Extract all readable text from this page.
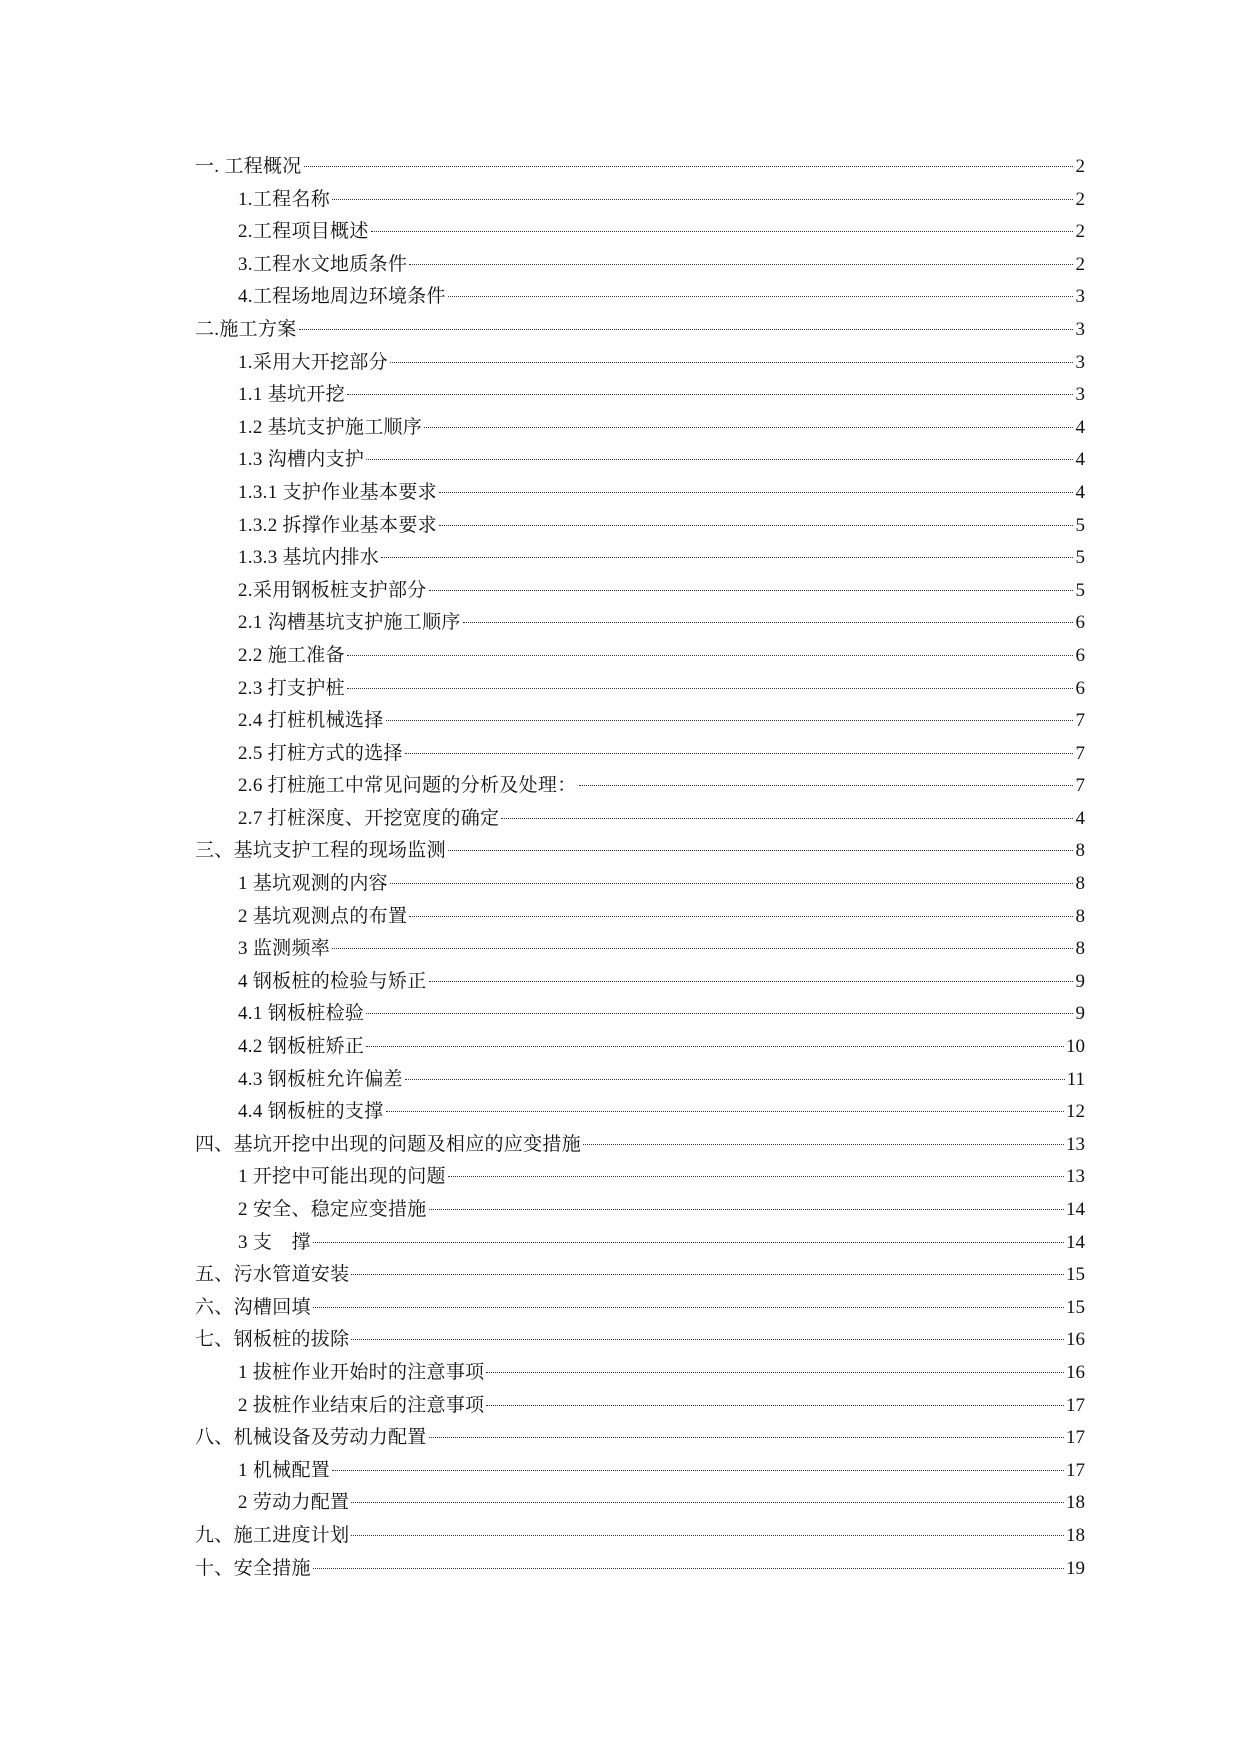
一. 工程概况	2
1.工程名称	2
2.工程项目概述	2
3.工程水文地质条件	2
4.工程场地周边环境条件	3
二.施工方案	3
1.采用大开挖部分	3
1.1 基坑开挖	3
1.2 基坑支护施工顺序	4
1.3 沟槽内支护	4
1.3.1 支护作业基本要求	4
1.3.2 拆撑作业基本要求	5
1.3.3 基坑内排水	5
2.采用钢板桩支护部分	5
2.1 沟槽基坑支护施工顺序	6
2.2 施工准备	6
2.3 打支护桩	6
2.4 打桩机械选择	7
2.5 打桩方式的选择	7
2.6 打桩施工中常见问题的分析及处理：	7
2.7 打桩深度、开挖宽度的确定	4
三、基坑支护工程的现场监测	8
1 基坑观测的内容	8
2 基坑观测点的布置	8
3 监测频率	8
4 钢板桩的检验与矫正	9
4.1 钢板桩检验	9
4.2 钢板桩矫正	10
4.3 钢板桩允许偏差	11
4.4 钢板桩的支撑	12
四、基坑开挖中出现的问题及相应的应变措施	13
1 开挖中可能出现的问题	13
2 安全、稳定应变措施	14
3 支　撑	14
五、污水管道安装	15
六、沟槽回填	15
七、钢板桩的拔除	16
1 拔桩作业开始时的注意事项	16
2 拔桩作业结束后的注意事项	17
八、机械设备及劳动力配置	17
1 机械配置	17
2 劳动力配置	18
九、施工进度计划	18
十、安全措施	19
